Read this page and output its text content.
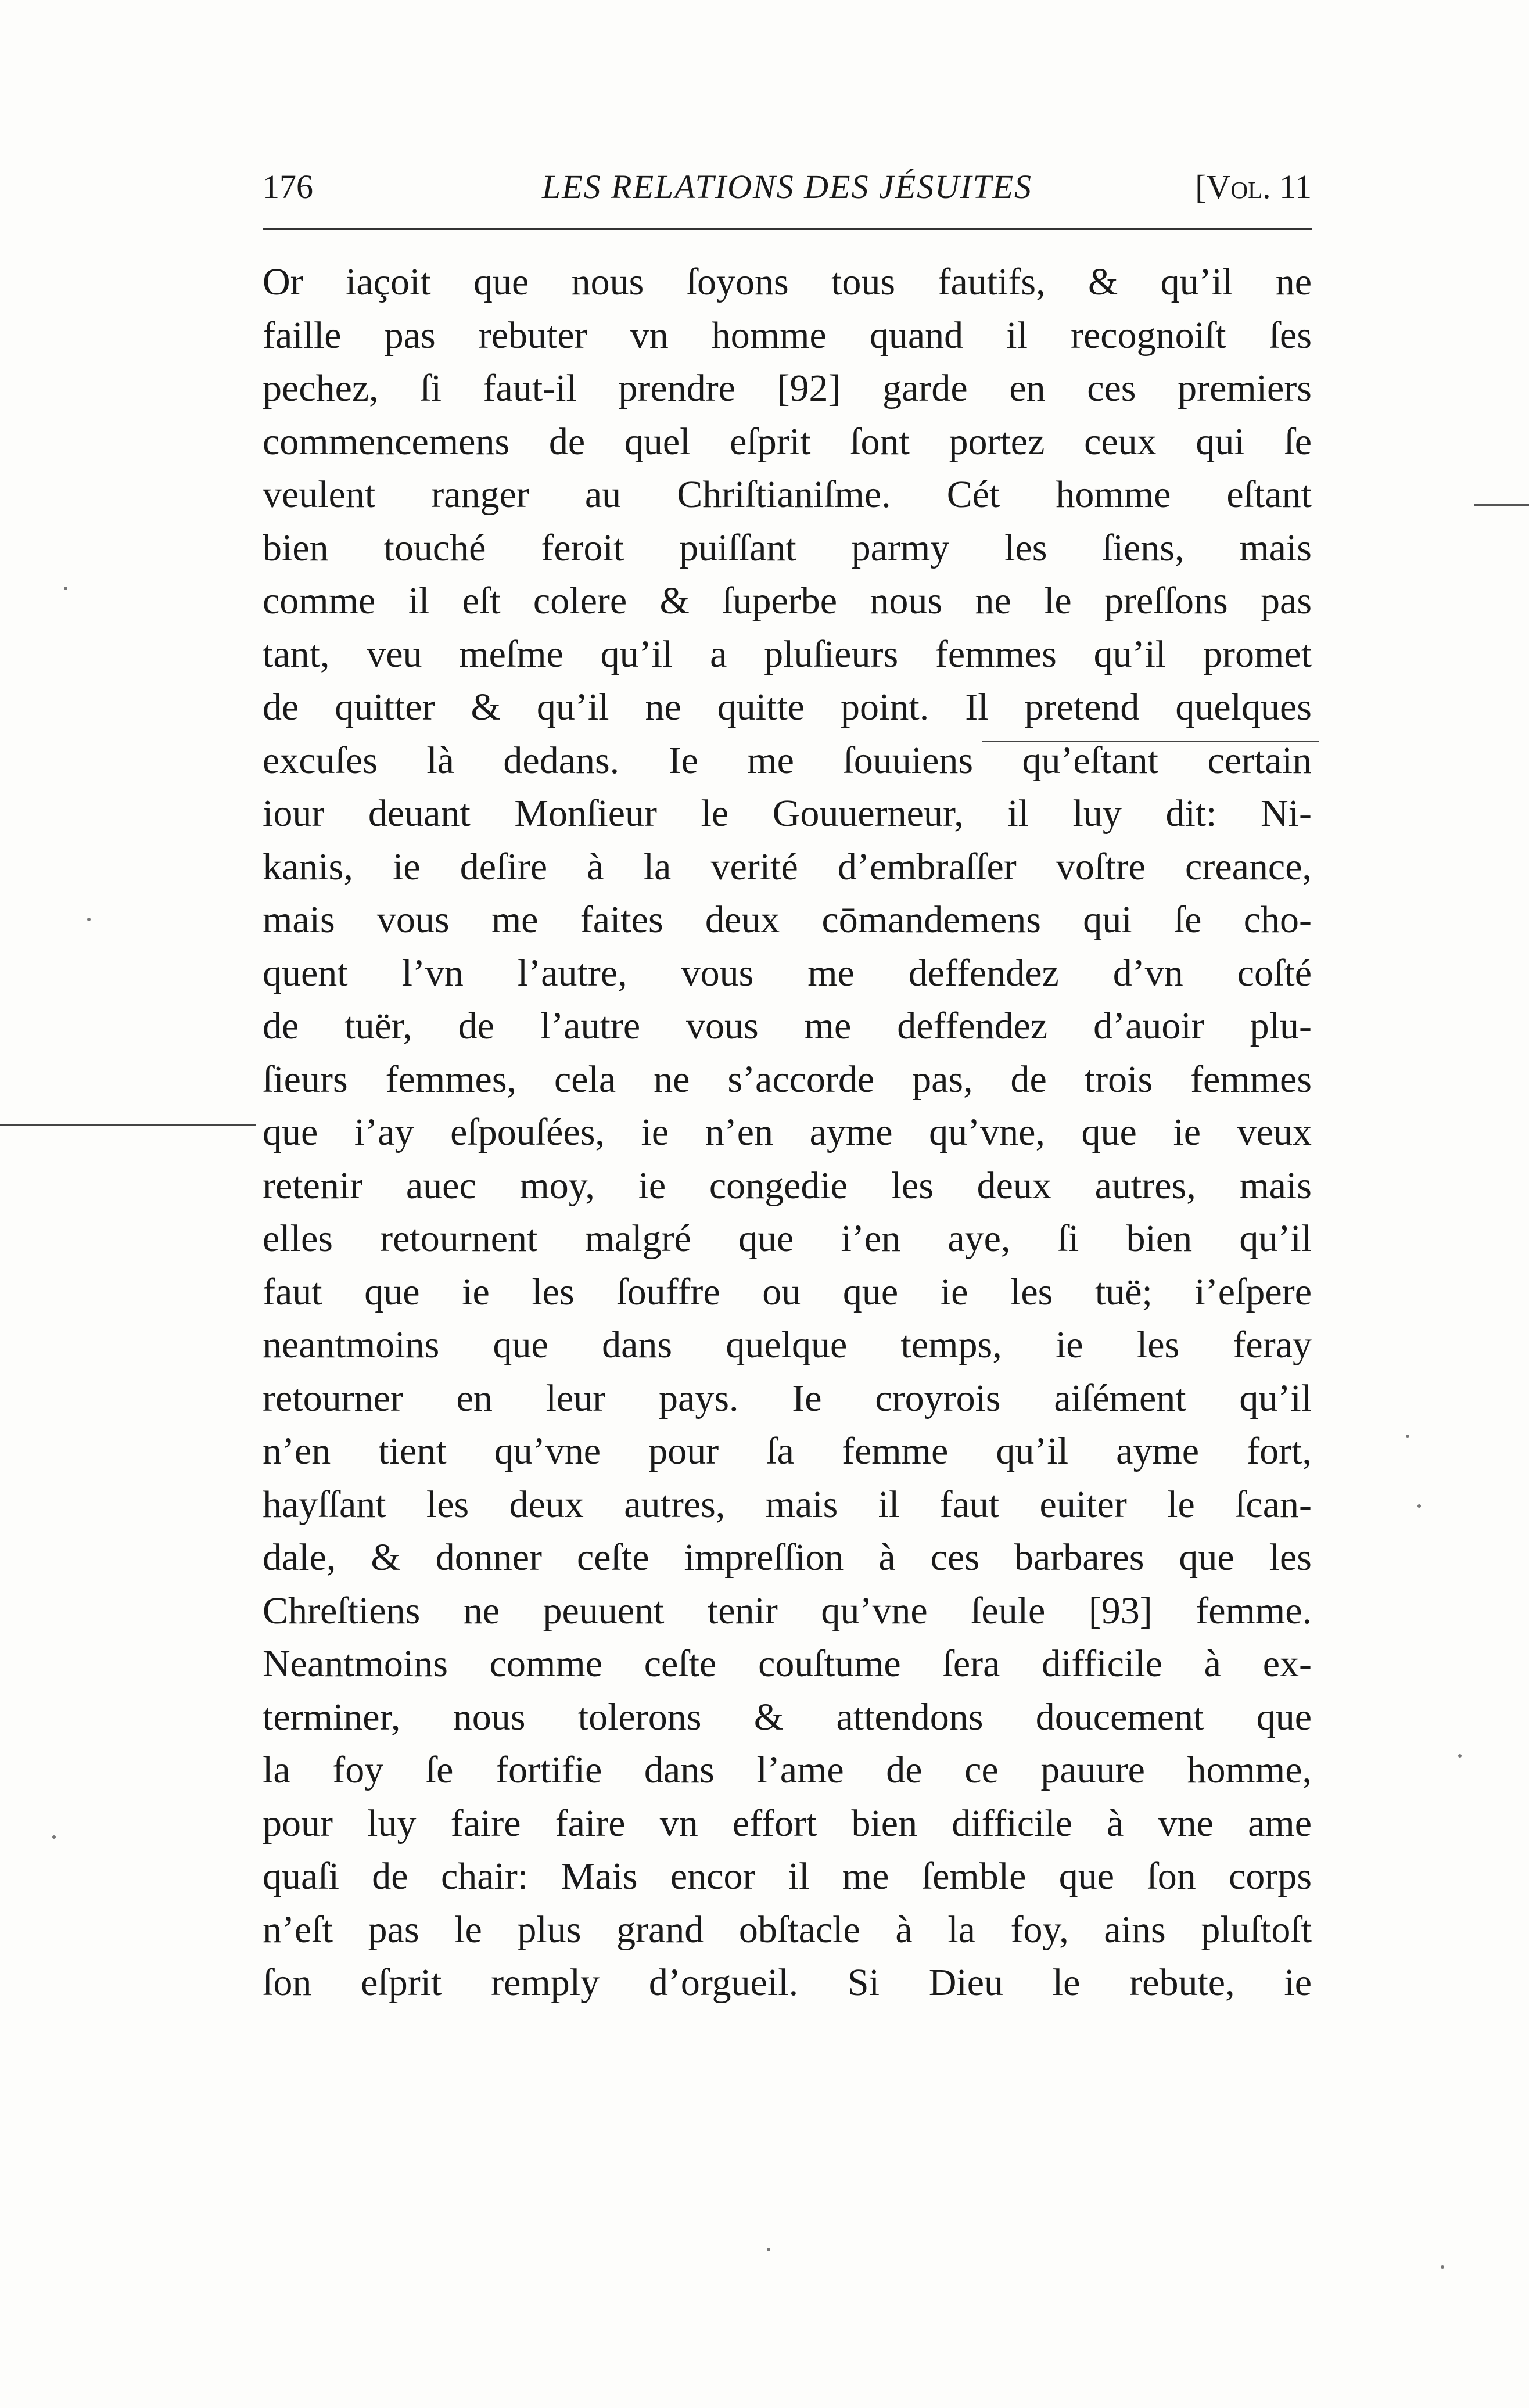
176	LES RELATIONS DES JÉSUITES	[Vol. 11
Or iaçoit que nous ſoyons tous fautifs, & qu’il ne
faille pas rebuter vn homme quand il recognoiſt ſes
pechez, ſi faut-il prendre [92] garde en ces premiers
commencemens de quel eſprit ſont portez ceux qui ſe
veulent ranger au Chriſtianiſme. Cét homme eſtant
bien touché feroit puiſſant parmy les ſiens, mais
comme il eſt colere & ſuperbe nous ne le preſſons pas
tant, veu meſme qu’il a pluſieurs femmes qu’il promet
de quitter & qu’il ne quitte point. Il pretend quelques
excuſes là dedans. Ie me ſouuiens qu’eſtant certain
iour deuant Monſieur le Gouuerneur, il luy dit: Ni-
kanis, ie deſire à la verité d’embraſſer voſtre creance,
mais vous me faites deux cōmandemens qui ſe cho-
quent l’vn l’autre, vous me deffendez d’vn coſté
de tuër, de l’autre vous me deffendez d’auoir plu-
ſieurs femmes, cela ne s’accorde pas, de trois femmes
que i’ay eſpouſées, ie n’en ayme qu’vne, que ie veux
retenir auec moy, ie congedie les deux autres, mais
elles retournent malgré que i’en aye, ſi bien qu’il
faut que ie les ſouffre ou que ie les tuë; i’eſpere
neantmoins que dans quelque temps, ie les feray
retourner en leur pays. Ie croyrois aiſément qu’il
n’en tient qu’vne pour ſa femme qu’il ayme fort,
hayſſant les deux autres, mais il faut euiter le ſcan-
dale, & donner ceſte impreſſion à ces barbares que les
Chreſtiens ne peuuent tenir qu’vne ſeule [93] femme.
Neantmoins comme ceſte couſtume ſera difficile à ex-
terminer, nous tolerons & attendons doucement que
la foy ſe fortifie dans l’ame de ce pauure homme,
pour luy faire faire vn effort bien difficile à vne ame
quaſi de chair: Mais encor il me ſemble que ſon corps
n’eſt pas le plus grand obſtacle à la foy, ains pluſtoſt
ſon eſprit remply d’orgueil. Si Dieu le rebute, ie
